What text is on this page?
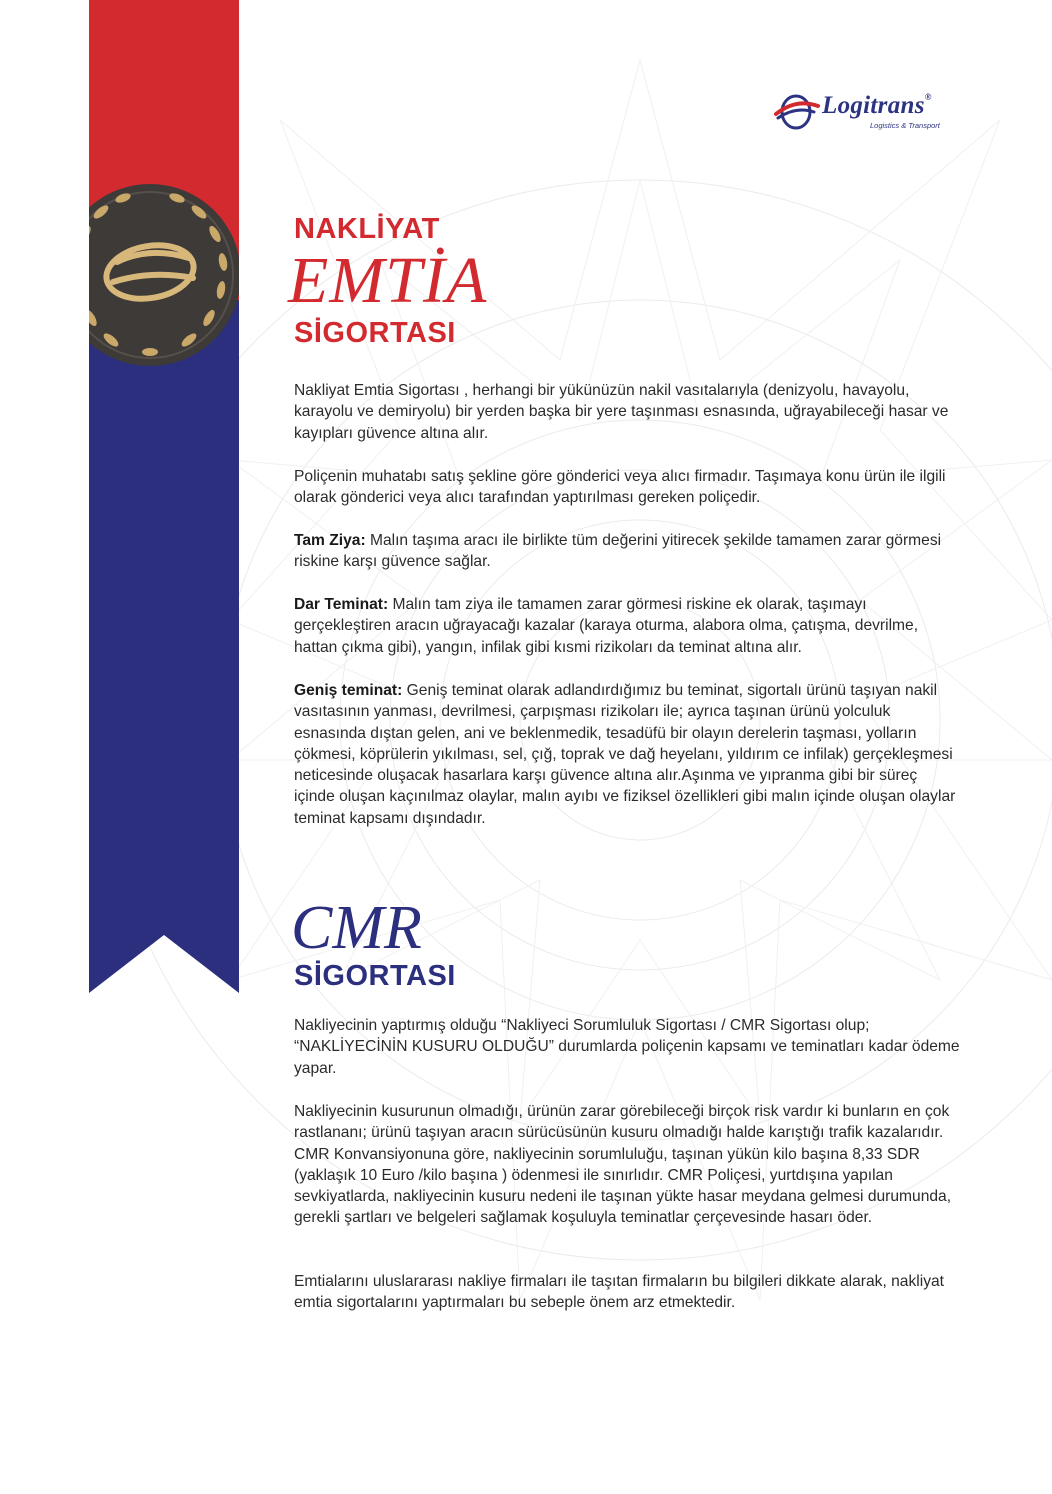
Logitrans®
Logistics & Transport
NAKLİYAT
EMTİA
SİGORTASI

Nakliyat Emtia Sigortası , herhangi bir yükünüzün nakil vasıtalarıyla (denizyolu, havayolu, karayolu ve demiryolu) bir yerden başka bir yere taşınması esnasında, uğrayabileceği hasar ve kayıpları güvence altına alır.

Poliçenin muhatabı satış şekline göre gönderici veya alıcı firmadır. Taşımaya konu ürün ile ilgili olarak gönderici veya alıcı tarafından yaptırılması gereken poliçedir.

Tam Ziya: Malın taşıma aracı ile birlikte tüm değerini yitirecek şekilde tamamen zarar görmesi riskine karşı güvence sağlar.

Dar Teminat: Malın tam ziya ile tamamen zarar görmesi riskine ek olarak, taşımayı gerçekleştiren aracın uğrayacağı kazalar (karaya oturma, alabora olma, çatışma, devrilme, hattan çıkma gibi), yangın, infilak gibi kısmi rizikoları da teminat altına alır.

Geniş teminat: Geniş teminat olarak adlandırdığımız bu teminat, sigortalı ürünü taşıyan nakil vasıtasının yanması, devrilmesi, çarpışması rizikoları ile; ayrıca taşınan ürünü yolculuk esnasında dıştan gelen, ani ve beklenmedik, tesadüfü bir olayın derelerin taşması, yolların çökmesi, köprülerin yıkılması, sel, çığ, toprak ve dağ heyelanı, yıldırım ce infilak) gerçekleşmesi neticesinde oluşacak hasarlara karşı güvence altına alır.Aşınma ve yıpranma gibi bir süreç içinde oluşan kaçınılmaz olaylar, malın ayıbı ve fiziksel özellikleri gibi malın içinde oluşan olaylar teminat kapsamı dışındadır.

CMR
SİGORTASI

Nakliyecinin yaptırmış olduğu “Nakliyeci Sorumluluk Sigortası / CMR Sigortası olup; “NAKLİYECİNİN KUSURU OLDUĞU” durumlarda poliçenin kapsamı ve teminatları kadar ödeme yapar.

Nakliyecinin kusurunun olmadığı, ürünün zarar görebileceği birçok risk vardır ki bunların en çok rastlananı; ürünü taşıyan aracın sürücüsünün kusuru olmadığı halde karıştığı trafik kazalarıdır. CMR Konvansiyonuna göre, nakliyecinin sorumluluğu, taşınan yükün kilo başına 8,33 SDR (yaklaşık 10 Euro /kilo başına ) ödenmesi ile sınırlıdır. CMR Poliçesi, yurtdışına yapılan sevkiyatlarda, nakliyecinin kusuru nedeni ile taşınan yükte hasar meydana gelmesi durumunda, gerekli şartları ve belgeleri sağlamak koşuluyla teminatlar çerçevesinde hasarı öder.

Emtialarını uluslararası nakliye firmaları ile taşıtan firmaların bu bilgileri dikkate alarak, nakliyat emtia sigortalarını yaptırmaları bu sebeple önem arz etmektedir.
